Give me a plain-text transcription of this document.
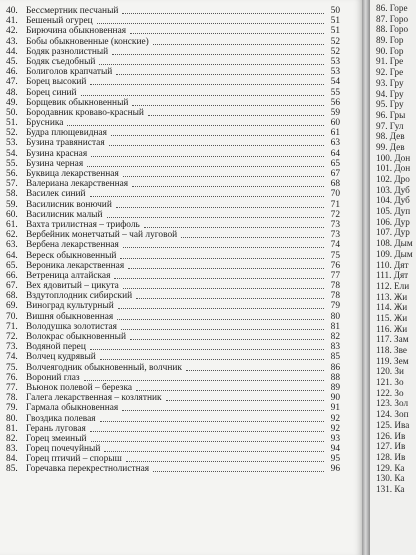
40. Бессмертник песчаный	50
41. Бешеный огурец	51
42. Бирючина обыкновенная	51
43. Бобы обыкновенные (конские)	52
44. Бодяк разнолистный	52
45. Бодяк съедобный	53
46. Болиголов крапчатый	53
47. Борец высокий	54
48. Борец синий	55
49. Борщевик обыкновенный	56
50. Бородавник кроваво-красный	59
51. Брусника	60
52. Будра плющевидная	61
53. Бузина травянистая	63
54. Бузина красная	64
55. Бузина черная	65
56. Буквица лекарственная	67
57. Валериана лекарственная	68
58. Василек синий	70
59. Василисник вонючий	71
60. Василисник малый	72
61. Вахта трилистная – трифоль	73
62. Вербейник монетчатый – чай луговой	73
63. Вербена лекарственная	74
64. Вереск обыкновенный	75
65. Вероника лекарственная	76
66. Ветреница алтайская	77
67. Вех ядовитый – цикута	78
68. Вздутоплодник сибирский	78
69. Виноград культурный	79
70. Вишня обыкновенная	80
71. Володушка золотистая	81
72. Волокрас обыкновенный	82
73. Водяной перец	83
74. Волчец кудрявый	85
75. Волчеягодник обыкновенный, волчник	86
76. Вороний глаз	88
77. Вьюнок полевой – березка	89
78. Галега лекарственная – козлятник	90
79. Гармала обыкновенная	91
80. Гвоздика полевая	92
81. Герань луговая	92
82. Горец змеиный	93
83. Горец почечуйный	94
84. Горец птичий – спорыш	95
85. Горечавка перекрестнолистная	96
86. Горе
87. Горо
88. Горо
89. Гор
90. Гор
91. Гре
92. Гре
93. Гру
94. Гру
95. Гру
96. Гры
97. Гул
98. Дев
99. Дев
100. Дон
101. Дон
102. Дро
103. Дуб
104. Дуб
105. Дуп
106. Дур
107. Дур
108. Дым
109. Дым
110. Дят
111. Дят
112. Ели
113. Жи
114. Жи
115. Жи
116. Жи
117. Зам
118. Зве
119. Зем
120. Зи
121. Зо
122. Зо
123. Зол
124. Зоп
125. Ива
126. Ив
127. Ив
128. Ив
129. Ка
130. Ка
131. Ка
